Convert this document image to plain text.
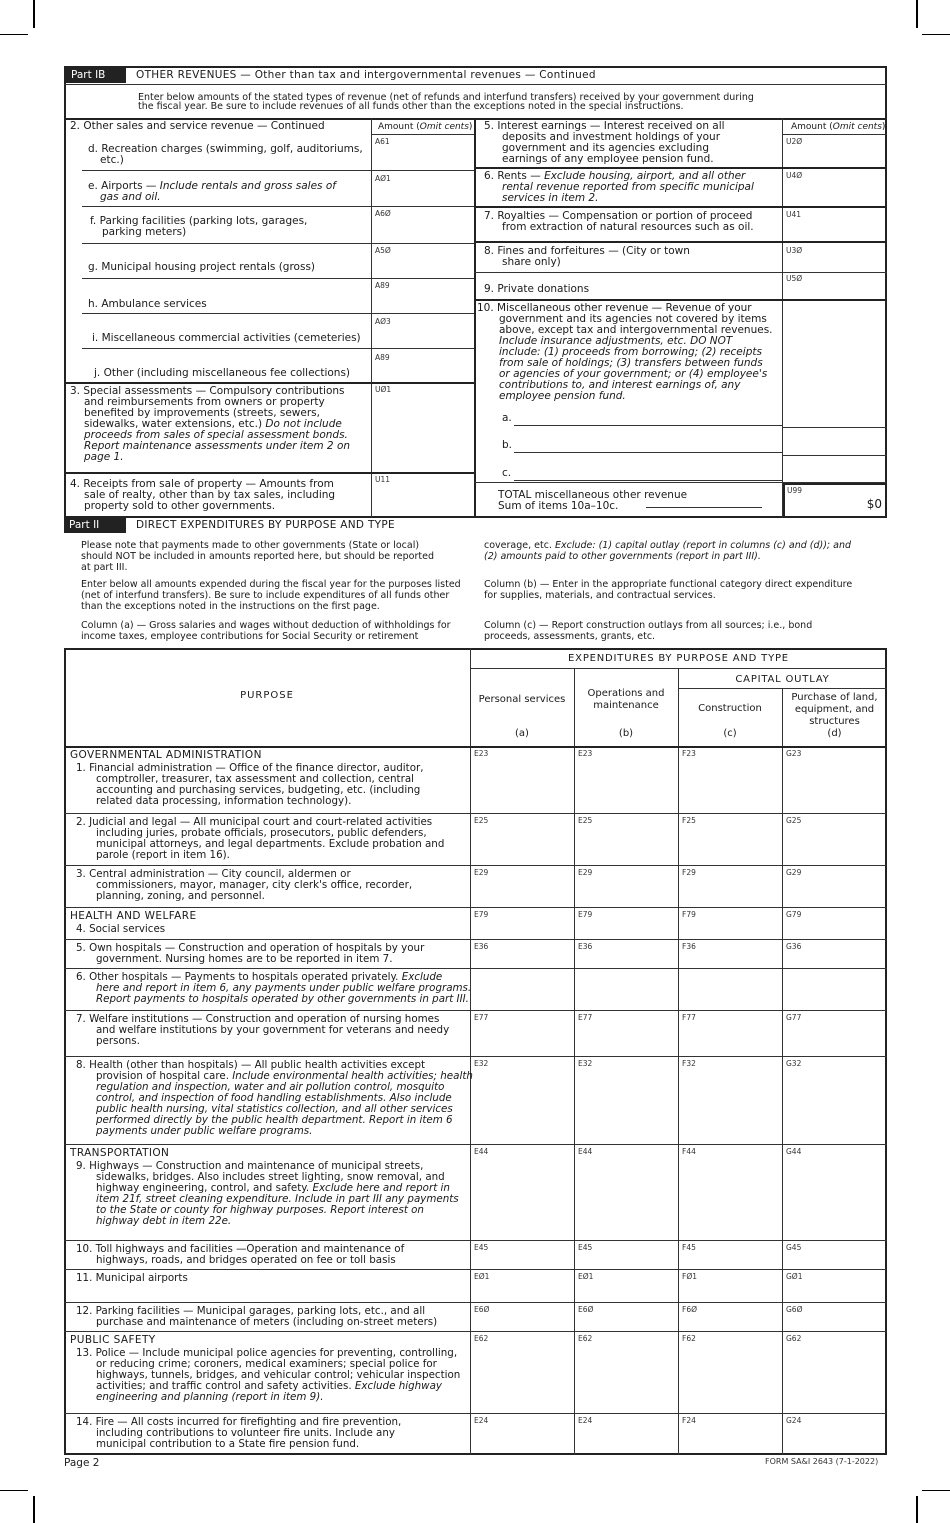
Part IB	OTHER REVENUES — Other than tax and intergovernmental revenues — Continued
Enter below amounts of the stated types of revenue (net of refunds and interfund transfers) received by your government during
the fiscal year. Be sure to include revenues of all funds other than the exceptions noted in the special instructions.
Amount (Omit cents)	Amount (Omit cents)
2. Other sales and service revenue — Continued
d. Recreation charges (swimming, golf, auditoriums,
etc.)
A61
e. Airports — Include rentals and gross sales of
gas and oil.
AØ1
f. Parking facilities (parking lots, garages,
parking meters)
A6Ø
g. Municipal housing project rentals (gross)
A5Ø
h. Ambulance services
A89
i. Miscellaneous commercial activities (cemeteries)
AØ3
j. Other (including miscellaneous fee collections)
A89
3. Special assessments — Compulsory contributions
and reimbursements from owners or property
benefited by improvements (streets, sewers,
sidewalks, water extensions, etc.) Do not include
proceeds from sales of special assessment bonds.
Report maintenance assessments under item 2 on
page 1.
UØ1
4. Receipts from sale of property — Amounts from
sale of realty, other than by tax sales, including
property sold to other governments.
U11
5. Interest earnings — Interest received on all
deposits and investment holdings of your
government and its agencies excluding
earnings of any employee pension fund.
U2Ø
6. Rents — Exclude housing, airport, and all other
rental revenue reported from specific municipal
services in item 2.
U4Ø
7. Royalties — Compensation or portion of proceed
from extraction of natural resources such as oil.
U41
8. Fines and forfeitures — (City or town
share only)
U3Ø
9. Private donations
U5Ø
10. Miscellaneous other revenue — Revenue of your
government and its agencies not covered by items
above, except tax and intergovernmental revenues.
Include insurance adjustments, etc. DO NOT
include: (1) proceeds from borrowing; (2) receipts
from sale of holdings; (3) transfers between funds
or agencies of your government; or (4) employee's
contributions to, and interest earnings of, any
employee pension fund.
a.
b.
c.
TOTAL miscellaneous other revenue
Sum of items 10a–10c.
U99
$0
Part II	DIRECT EXPENDITURES BY PURPOSE AND TYPE
Please note that payments made to other governments (State or local)
should NOT be included in amounts reported here, but should be reported
at part III.
Enter below all amounts expended during the fiscal year for the purposes listed
(net of interfund transfers). Be sure to include expenditures of all funds other
than the exceptions noted in the instructions on the first page.
Column (a) — Gross salaries and wages without deduction of withholdings for
income taxes, employee contributions for Social Security or retirement
coverage, etc. Exclude: (1) capital outlay (report in columns (c) and (d)); and
(2) amounts paid to other governments (report in part III).
Column (b) — Enter in the appropriate functional category direct expenditure
for supplies, materials, and contractual services.
Column (c) — Report construction outlays from all sources; i.e., bond
proceeds, assessments, grants, etc.
PURPOSE
EXPENDITURES BY PURPOSE AND TYPE
CAPITAL OUTLAY
Personal services
Operations and
maintenance	Construction
Purchase of land,
equipment, and
structures
(a)	(b)	(c)	(d)
GOVERNMENTAL ADMINISTRATION
1. Financial administration — Office of the finance director, auditor,
comptroller, treasurer, tax assessment and collection, central
accounting and purchasing services, budgeting, etc. (including
related data processing, information technology).
E23	E23	F23	G23
2. Judicial and legal — All municipal court and court-related activities
including juries, probate officials, prosecutors, public defenders,
municipal attorneys, and legal departments. Exclude probation and
parole (report in item 16).
E25	E25	F25	G25
3. Central administration — City council, aldermen or
commissioners, mayor, manager, city clerk's office, recorder,
planning, zoning, and personnel.
E29	E29	F29	G29
HEALTH AND WELFARE
4. Social services
E79	E79	F79	G79
5. Own hospitals — Construction and operation of hospitals by your
government. Nursing homes are to be reported in item 7.
E36	E36	F36	G36
6. Other hospitals — Payments to hospitals operated privately. Exclude
here and report in item 6, any payments under public welfare programs.
Report payments to hospitals operated by other governments in part III.
7. Welfare institutions — Construction and operation of nursing homes
and welfare institutions by your government for veterans and needy
persons.
E77	E77	F77	G77
8. Health (other than hospitals) — All public health activities except
provision of hospital care. Include environmental health activities; health
regulation and inspection, water and air pollution control, mosquito
control, and inspection of food handling establishments. Also include
public health nursing, vital statistics collection, and all other services
performed directly by the public health department. Report in item 6
payments under public welfare programs.
E32	E32	F32	G32
TRANSPORTATION
9. Highways — Construction and maintenance of municipal streets,
sidewalks, bridges. Also includes street lighting, snow removal, and
highway engineering, control, and safety. Exclude here and report in
item 21f, street cleaning expenditure. Include in part III any payments
to the State or county for highway purposes. Report interest on
highway debt in item 22e.
E44	E44	F44	G44
10. Toll highways and facilities —Operation and maintenance of
highways, roads, and bridges operated on fee or toll basis
E45	E45	F45	G45
11. Municipal airports	EØ1	EØ1	FØ1	GØ1
12. Parking facilities — Municipal garages, parking lots, etc., and all
purchase and maintenance of meters (including on-street meters)
E6Ø	E6Ø	F6Ø	G6Ø
PUBLIC SAFETY
13. Police — Include municipal police agencies for preventing, controlling,
or reducing crime; coroners, medical examiners; special police for
highways, tunnels, bridges, and vehicular control; vehicular inspection
activities; and traffic control and safety activities. Exclude highway
engineering and planning (report in item 9).
E62	E62	F62	G62
14. Fire — All costs incurred for firefighting and fire prevention,
including contributions to volunteer fire units. Include any
municipal contribution to a State fire pension fund.
E24	E24	F24	G24
Page 2	FORM SA&I 2643 (7-1-2022)
